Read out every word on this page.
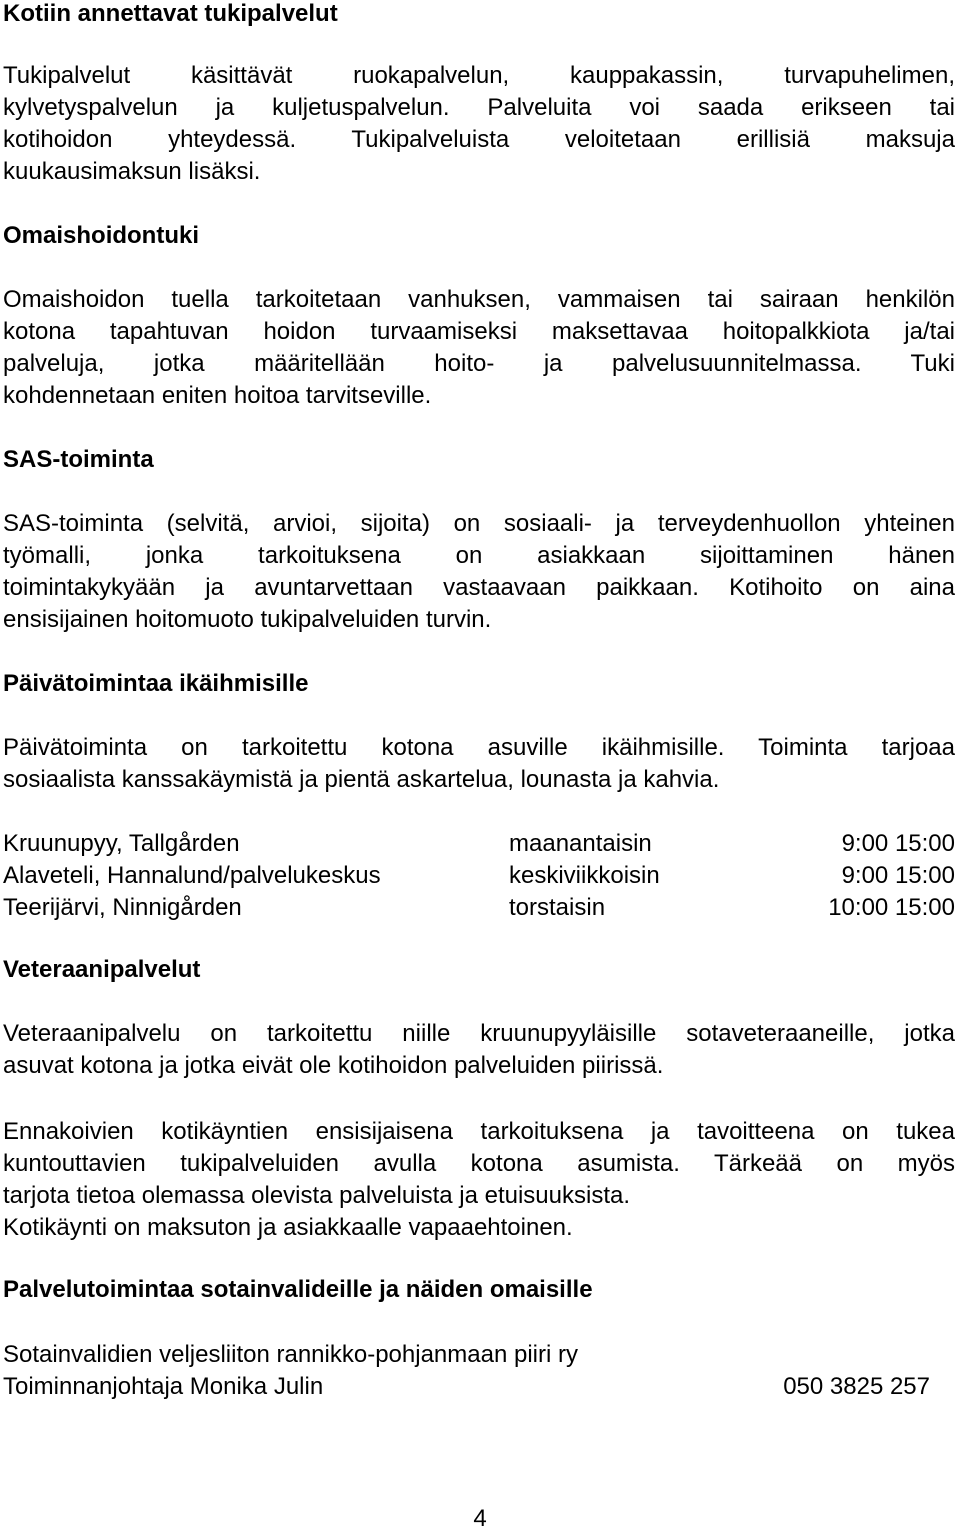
Kotiin annettavat tukipalvelut
Tukipalvelut käsittävät ruokapalvelun, kauppakassin, turvapuhelimen,
kylvetyspalvelun ja kuljetuspalvelun. Palveluita voi saada erikseen tai
kotihoidon yhteydessä. Tukipalveluista veloitetaan erillisiä maksuja
kuukausimaksun lisäksi.
Omaishoidontuki
Omaishoidon tuella tarkoitetaan vanhuksen, vammaisen tai sairaan henkilön
kotona tapahtuvan hoidon turvaamiseksi maksettavaa hoitopalkkiota ja/tai
palveluja, jotka määritellään hoito- ja palvelusuunnitelmassa. Tuki
kohdennetaan eniten hoitoa tarvitseville.
SAS-toiminta
SAS-toiminta (selvitä, arvioi, sijoita) on sosiaali- ja terveydenhuollon yhteinen
työmalli, jonka tarkoituksena on asiakkaan sijoittaminen hänen
toimintakykyään ja avuntarvettaan vastaavaan paikkaan. Kotihoito on aina
ensisijainen hoitomuoto tukipalveluiden turvin.
Päivätoimintaa ikäihmisille
Päivätoiminta on tarkoitettu kotona asuville ikäihmisille. Toiminta tarjoaa
sosiaalista kanssakäymistä ja pientä askartelua, lounasta ja kahvia.
Kruunupyy, Tallgården	maanantaisin	9:00 15:00
Alaveteli, Hannalund/palvelukeskus	keskiviikkoisin	9:00 15:00
Teerijärvi, Ninnigården	torstaisin	10:00 15:00
Veteraanipalvelut
Veteraanipalvelu on tarkoitettu niille kruunupyyläisille sotaveteraaneille, jotka
asuvat kotona ja jotka eivät ole kotihoidon palveluiden piirissä.
Ennakoivien kotikäyntien ensisijaisena tarkoituksena ja tavoitteena on tukea
kuntouttavien tukipalveluiden avulla kotona asumista. Tärkeää on myös
tarjota tietoa olemassa olevista palveluista ja etuisuuksista.
Kotikäynti on maksuton ja asiakkaalle vapaaehtoinen.
Palvelutoimintaa sotainvalideille ja näiden omaisille
Sotainvalidien veljesliiton rannikko-pohjanmaan piiri ry
Toiminnanjohtaja Monika Julin	050 3825 257
4
